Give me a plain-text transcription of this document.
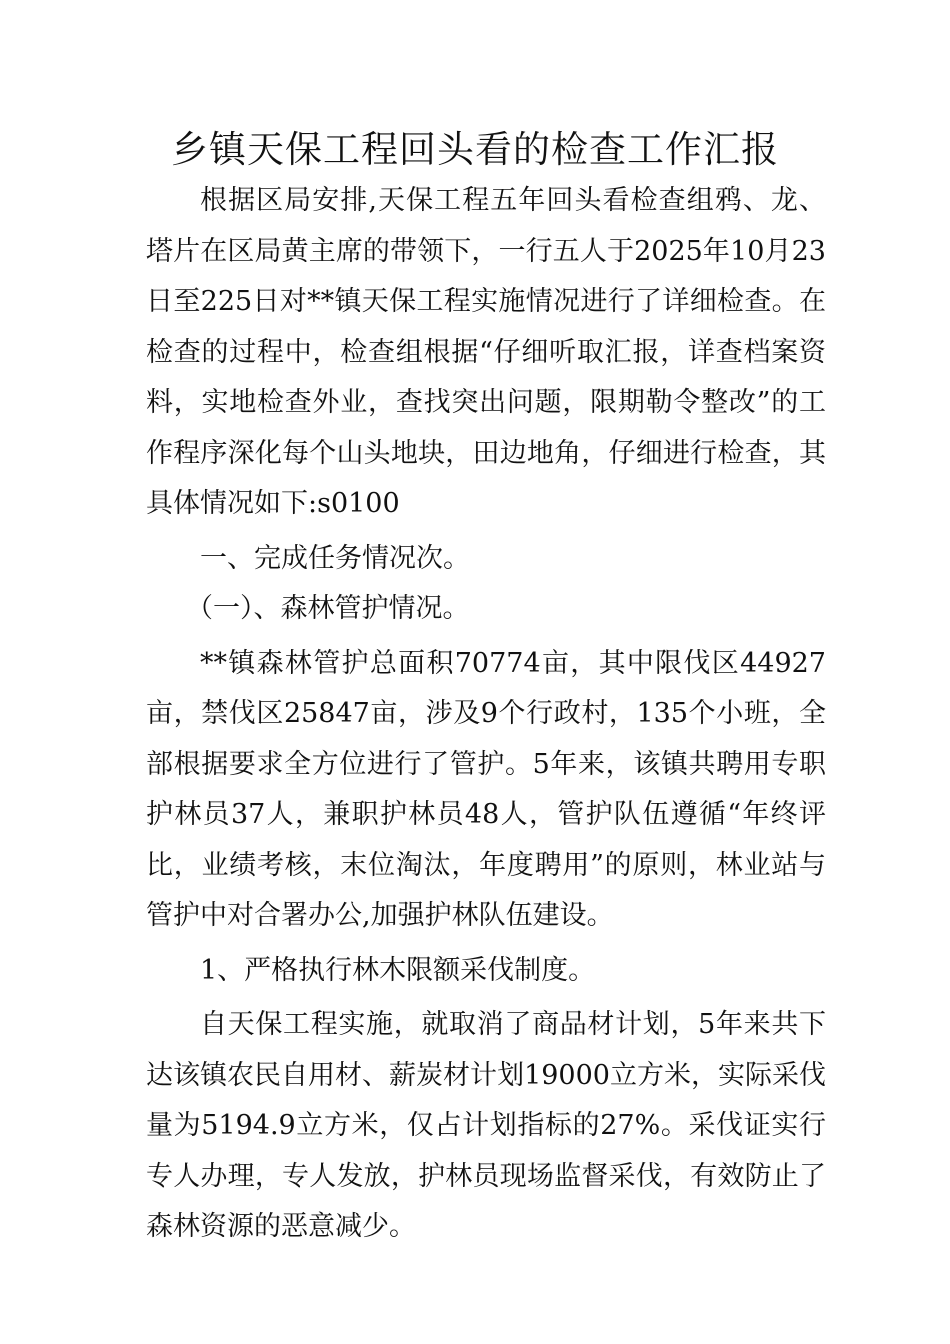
乡镇天保工程回头看的检查工作汇报

根据区局安排,天保工程五年回头看检查组鸦、龙、塔片在区局黄主席的带领下，一行五人于2025年10月23日至225日对**镇天保工程实施情况进行了详细检查。在检查的过程中，检查组根据“仔细听取汇报，详查档案资料，实地检查外业，查找突出问题，限期勒令整改”的工作程序深化每个山头地块，田边地角，仔细进行检查，其具体情况如下:s0100

一、完成任务情况次。

（一）、森林管护情况。

**镇森林管护总面积70774亩，其中限伐区44927亩，禁伐区25847亩，涉及9个行政村，135个小班，全部根据要求全方位进行了管护。5年来，该镇共聘用专职护林员37人，兼职护林员48人，管护队伍遵循“年终评比，业绩考核，末位淘汰，年度聘用”的原则，林业站与管护中对合署办公,加强护林队伍建设。

1、严格执行林木限额采伐制度。

自天保工程实施，就取消了商品材计划，5年来共下达该镇农民自用材、薪炭材计划19000立方米，实际采伐量为5194.9立方米，仅占计划指标的27%。采伐证实行专人办理，专人发放，护林员现场监督采伐，有效防止了森林资源的恶意减少。
